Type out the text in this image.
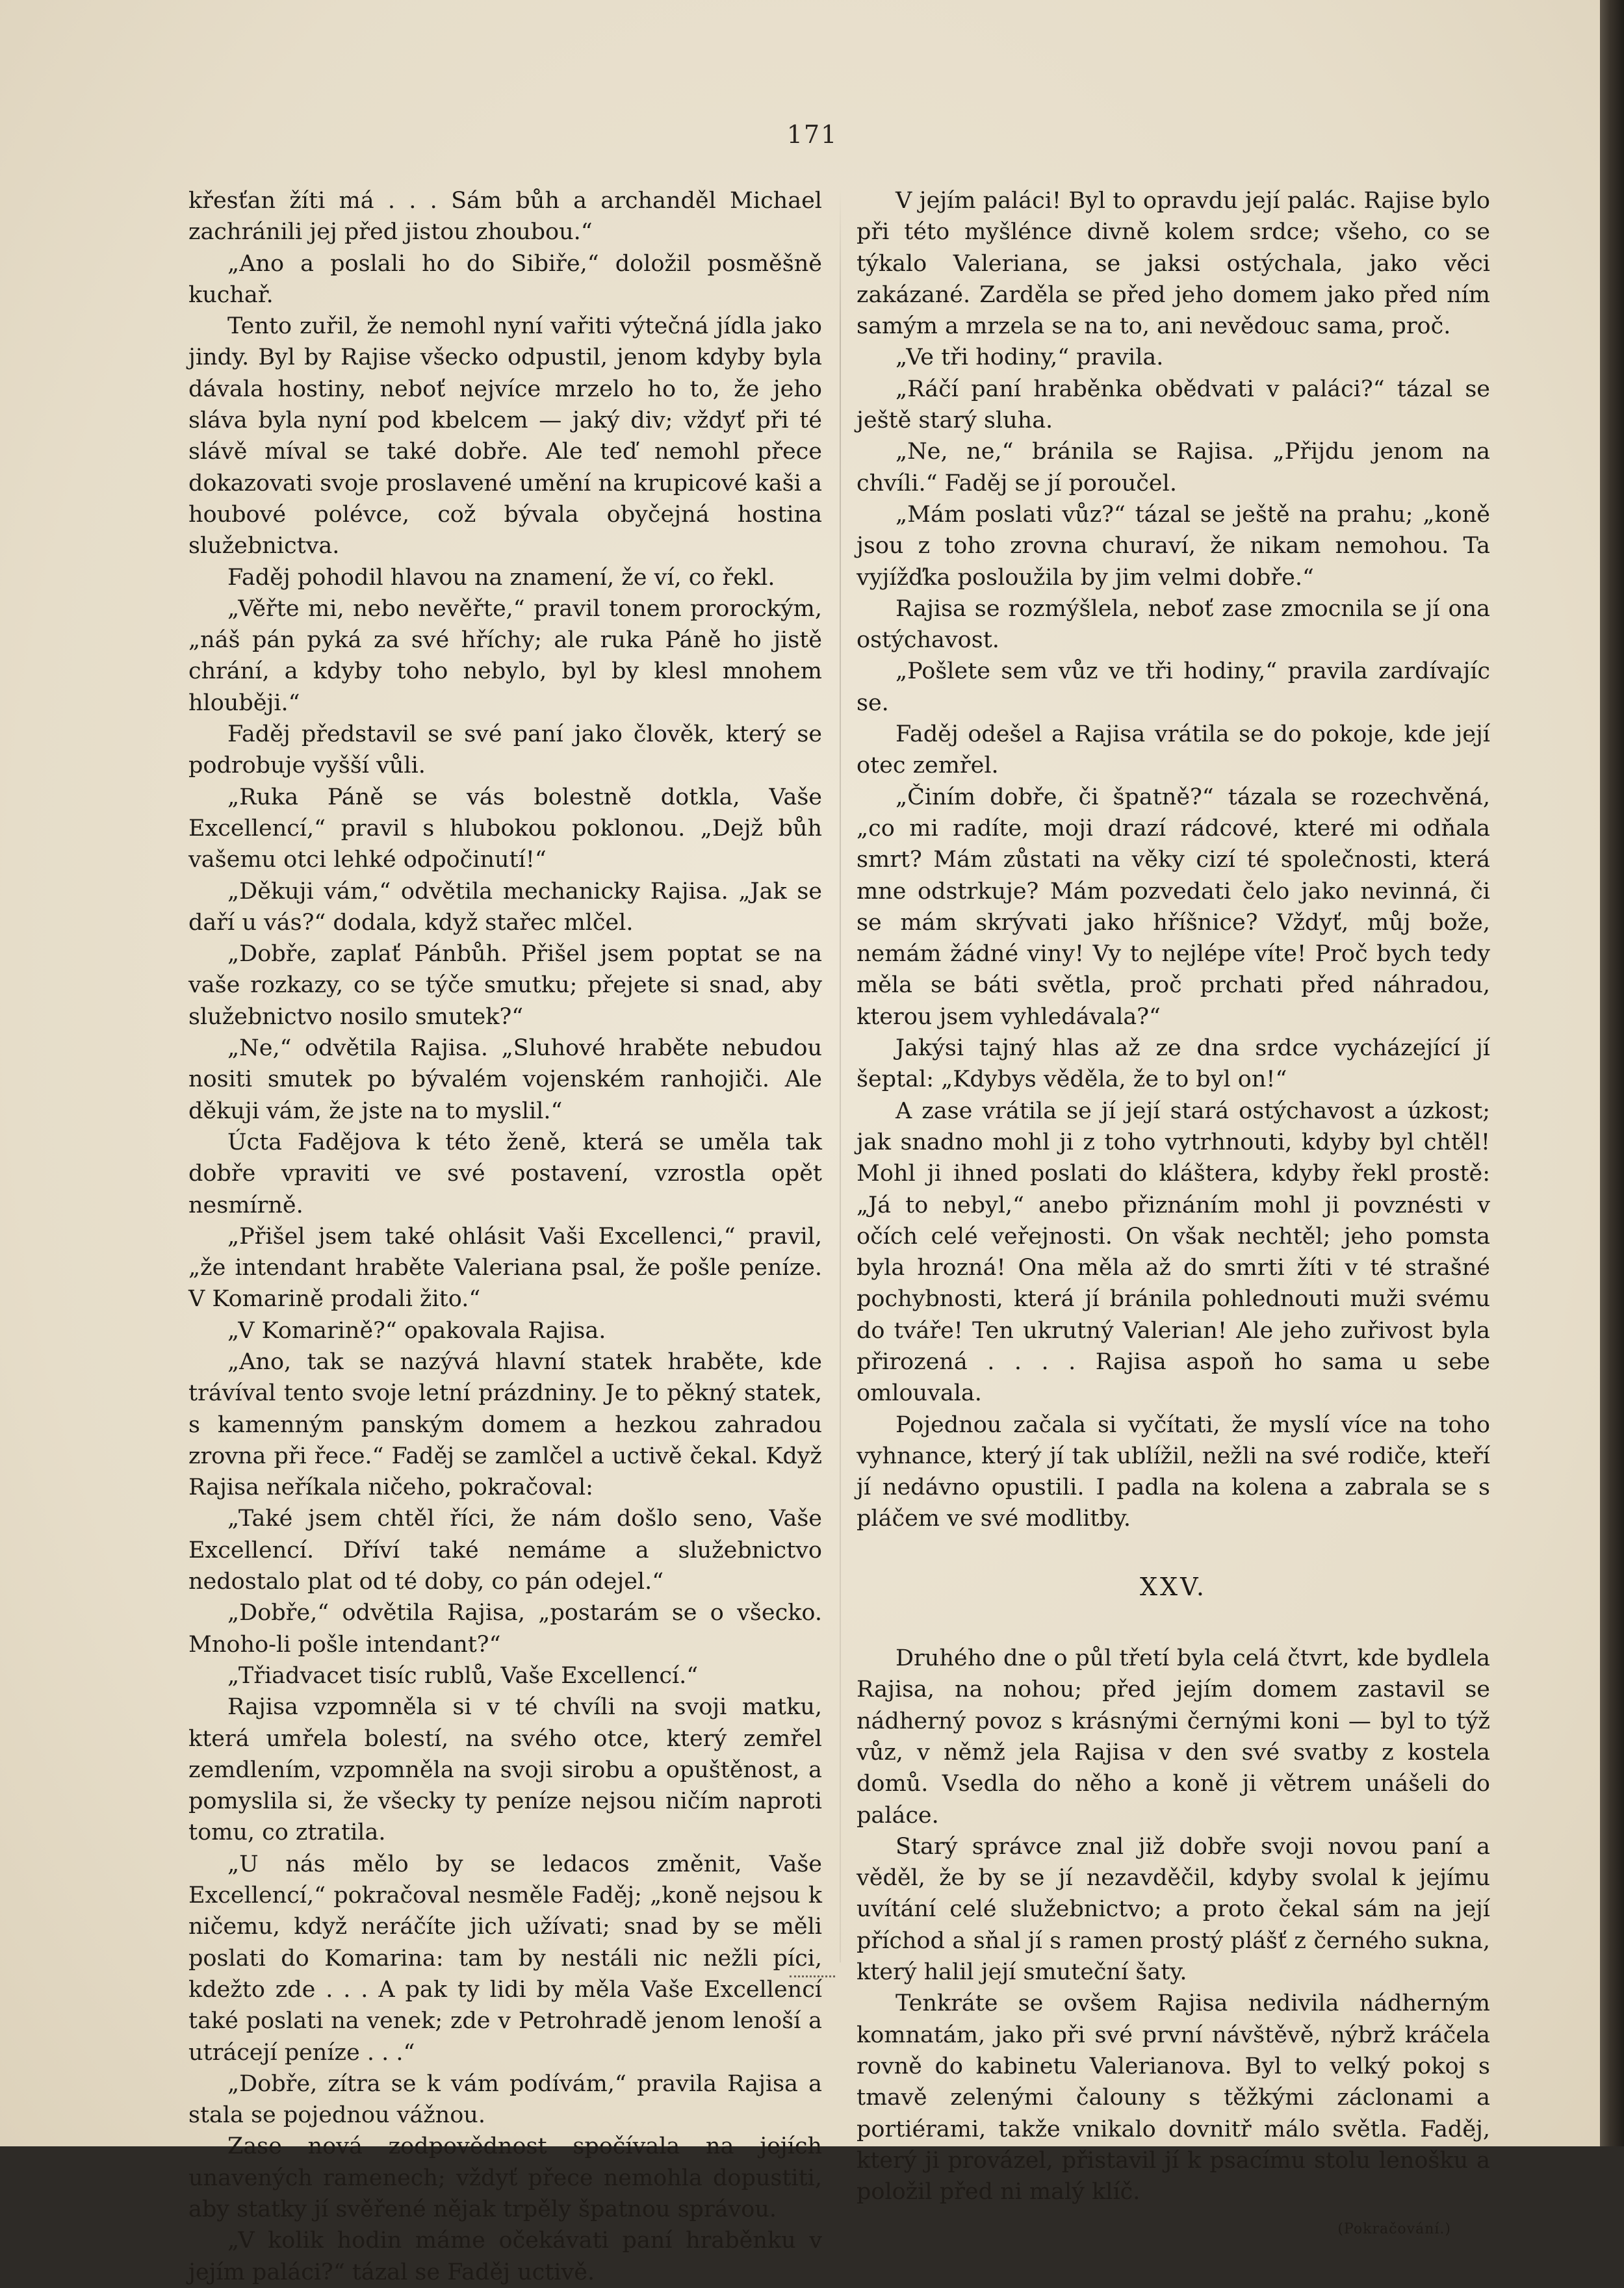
171

křesťan žíti má . . . Sám bůh a archanděl Michael zachránili jej před jistou zhoubou.“

„Ano a poslali ho do Sibiře,“ doložil posměšně kuchař.

Tento zuřil, že nemohl nyní vařiti výtečná jídla jako jindy. Byl by Rajise všecko odpustil, jenom kdyby byla dávala hostiny, neboť nejvíce mrzelo ho to, že jeho sláva byla nyní pod kbelcem — jaký div; vždyť při té slávě míval se také dobře. Ale teď nemohl přece dokazovati svoje proslavené umění na krupicové kaši a houbové polévce, což bývala obyčejná hostina služebnictva.

Faděj pohodil hlavou na znamení, že ví, co řekl.

„Věřte mi, nebo nevěřte,“ pravil tonem prorockým, „náš pán pyká za své hříchy; ale ruka Páně ho jistě chrání, a kdyby toho nebylo, byl by klesl mnohem hlouběji.“

Faděj představil se své paní jako člověk, který se podrobuje vyšší vůli.

„Ruka Páně se vás bolestně dotkla, Vaše Excellencí,“ pravil s hlubokou poklonou. „Dejž bůh vašemu otci lehké odpočinutí!“

„Děkuji vám,“ odvětila mechanicky Rajisa. „Jak se daří u vás?“ dodala, když stařec mlčel.

„Dobře, zaplať Pánbůh. Přišel jsem poptat se na vaše rozkazy, co se týče smutku; přejete si snad, aby služebnictvo nosilo smutek?“

„Ne,“ odvětila Rajisa. „Sluhové hraběte nebudou nositi smutek po bývalém vojenském ranhojiči. Ale děkuji vám, že jste na to myslil.“

Úcta Fadějova k této ženě, která se uměla tak dobře vpraviti ve své postavení, vzrostla opět nesmírně.

„Přišel jsem také ohlásit Vaši Excellenci,“ pravil, „že intendant hraběte Valeriana psal, že pošle peníze. V Komarině prodali žito.“

„V Komarině?“ opakovala Rajisa.

„Ano, tak se nazývá hlavní statek hraběte, kde trávíval tento svoje letní prázdniny. Je to pěkný statek, s kamenným panským domem a hezkou zahradou zrovna při řece.“ Faděj se zamlčel a uctivě čekal. Když Rajisa neříkala ničeho, pokračoval:

„Také jsem chtěl říci, že nám došlo seno, Vaše Excellencí. Dříví také nemáme a služebnictvo nedostalo plat od té doby, co pán odejel.“

„Dobře,“ odvětila Rajisa, „postarám se o všecko. Mnoho-li pošle intendant?“

„Třiadvacet tisíc rublů, Vaše Excellencí.“

Rajisa vzpomněla si v té chvíli na svoji matku, která umřela bolestí, na svého otce, který zemřel zemdlením, vzpomněla na svoji sirobu a opuštěnost, a pomyslila si, že všecky ty peníze nejsou ničím naproti tomu, co ztratila.

„U nás mělo by se ledacos změnit, Vaše Excellencí,“ pokračoval nesměle Faděj; „koně nejsou k ničemu, když neráčíte jich užívati; snad by se měli poslati do Komarina: tam by nestáli nic nežli píci, kdežto zde . . . A pak ty lidi by měla Vaše Excellencí také poslati na venek; zde v Petrohradě jenom lenoší a utrácejí peníze . . .“

„Dobře, zítra se k vám podívám,“ pravila Rajisa a stala se pojednou vážnou.

Zase nová zodpovědnost spočívala na jejích unavených ramenech; vždyť přece nemohla dopustiti, aby statky jí svěřené nějak trpěly špatnou správou.

„V kolik hodin máme očekávati paní hraběnku v jejím paláci?“ tázal se Faděj uctivě.

V jejím paláci! Byl to opravdu její palác. Rajise bylo při této myšlénce divně kolem srdce; všeho, co se týkalo Valeriana, se jaksi ostýchala, jako věci zakázané. Zarděla se před jeho domem jako před ním samým a mrzela se na to, ani nevědouc sama, proč.

„Ve tři hodiny,“ pravila.

„Ráčí paní hraběnka obědvati v paláci?“ tázal se ještě starý sluha.

„Ne, ne,“ bránila se Rajisa. „Přijdu jenom na chvíli.“ Faděj se jí poroučel.

„Mám poslati vůz?“ tázal se ještě na prahu; „koně jsou z toho zrovna churaví, že nikam nemohou. Ta vyjížďka posloužila by jim velmi dobře.“

Rajisa se rozmýšlela, neboť zase zmocnila se jí ona ostýchavost.

„Pošlete sem vůz ve tři hodiny,“ pravila zardívajíc se.

Faděj odešel a Rajisa vrátila se do pokoje, kde její otec zemřel.

„Činím dobře, či špatně?“ tázala se rozechvěná, „co mi radíte, moji drazí rádcové, které mi odňala smrt? Mám zůstati na věky cizí té společnosti, která mne odstrkuje? Mám pozvedati čelo jako nevinná, či se mám skrývati jako hříšnice? Vždyť, můj bože, nemám žádné viny! Vy to nejlépe víte! Proč bych tedy měla se báti světla, proč prchati před náhradou, kterou jsem vyhledávala?“

Jakýsi tajný hlas až ze dna srdce vycházející jí šeptal: „Kdybys věděla, že to byl on!“

A zase vrátila se jí její stará ostýchavost a úzkost; jak snadno mohl ji z toho vytrhnouti, kdyby byl chtěl! Mohl ji ihned poslati do kláštera, kdyby řekl prostě: „Já to nebyl,“ anebo přiznáním mohl ji povznésti v očích celé veřejnosti. On však nechtěl; jeho pomsta byla hrozná! Ona měla až do smrti žíti v té strašné pochybnosti, která jí bránila pohlednouti muži svému do tváře! Ten ukrutný Valerian! Ale jeho zuřivost byla přirozená . . . . Rajisa aspoň ho sama u sebe omlouvala.

Pojednou začala si vyčítati, že myslí více na toho vyhnance, který jí tak ublížil, nežli na své rodiče, kteří jí nedávno opustili. I padla na kolena a zabrala se s pláčem ve své modlitby.

XXV.

Druhého dne o půl třetí byla celá čtvrt, kde bydlela Rajisa, na nohou; před jejím domem zastavil se nádherný povoz s krásnými černými koni — byl to týž vůz, v němž jela Rajisa v den své svatby z kostela domů. Vsedla do něho a koně ji větrem unášeli do paláce.

Starý správce znal již dobře svoji novou paní a věděl, že by se jí nezavděčil, kdyby svolal k jejímu uvítání celé služebnictvo; a proto čekal sám na její příchod a sňal jí s ramen prostý plášť z černého sukna, který halil její smuteční šaty.

Tenkráte se ovšem Rajisa nedivila nádherným komnatám, jako při své první návštěvě, nýbrž kráčela rovně do kabinetu Valerianova. Byl to velký pokoj s tmavě zelenými čalouny s těžkými záclonami a portiérami, takže vnikalo dovnitř málo světla. Faděj, který ji provázel, přistavil jí k psacímu stolu lenošku a položil před ni malý klíč.

(Pokračování.)
